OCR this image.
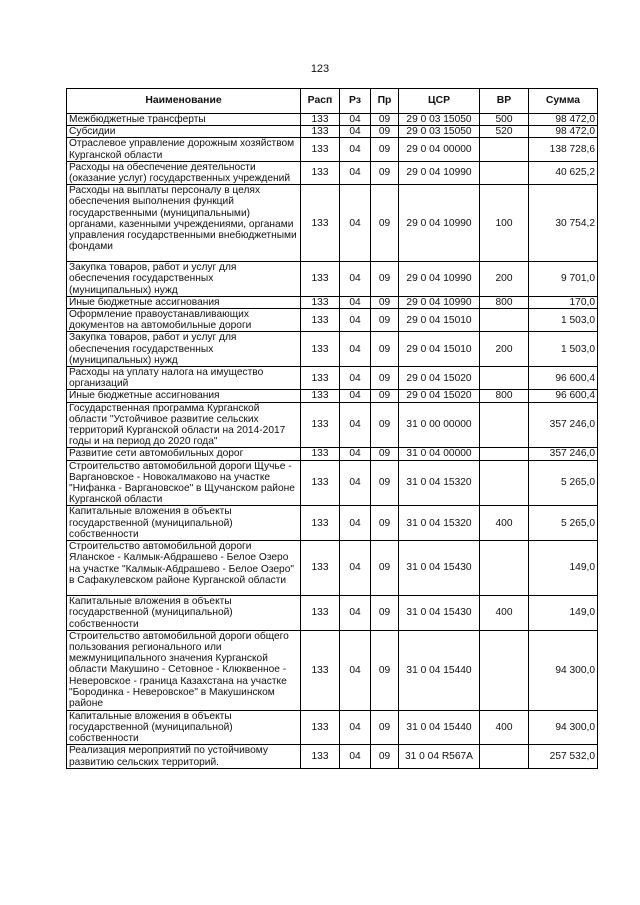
123
Наименование	Расп	Рз	Пр	ЦСР	ВР	Сумма
Межбюджетные трансферты	133	04	09	29 0 03 15050	500	98 472,0
Субсидии	133	04	09	29 0 03 15050	520	98 472,0
Отраслевое управление дорожным хозяйством Курганской области	133	04	09	29 0 04 00000		138 728,6
Расходы на обеспечение деятельности (оказание услуг) государственных учреждений	133	04	09	29 0 04 10990		40 625,2
Расходы на выплаты персоналу в целях обеспечения выполнения функций государственными (муниципальными) органами, казенными учреждениями, органами управления государственными внебюджетными фондами	133	04	09	29 0 04 10990	100	30 754,2
Закупка товаров, работ и услуг для обеспечения государственных (муниципальных) нужд	133	04	09	29 0 04 10990	200	9 701,0
Иные бюджетные ассигнования	133	04	09	29 0 04 10990	800	170,0
Оформление правоустанавливающих документов на автомобильные дороги	133	04	09	29 0 04 15010		1 503,0
Закупка товаров, работ и услуг для обеспечения государственных (муниципальных) нужд	133	04	09	29 0 04 15010	200	1 503,0
Расходы на уплату налога на имущество организаций	133	04	09	29 0 04 15020		96 600,4
Иные бюджетные ассигнования	133	04	09	29 0 04 15020	800	96 600,4
Государственная программа Курганской области "Устойчивое развитие сельских территорий Курганской области на 2014-2017 годы и на период до 2020 года"	133	04	09	31 0 00 00000		357 246,0
Развитие сети автомобильных дорог	133	04	09	31 0 04 00000		357 246,0
Строительство автомобильной дороги Щучье - Варгановское - Новокалмаково на участке "Нифанка - Варгановское" в Щучанском районе Курганской области	133	04	09	31 0 04 15320		5 265,0
Капитальные вложения в объекты государственной (муниципальной) собственности	133	04	09	31 0 04 15320	400	5 265,0
Строительство автомобильной дороги Яланское - Калмык-Абдрашево - Белое Озеро на участке "Калмык-Абдрашево - Белое Озеро" в Сафакулевском районе Курганской области	133	04	09	31 0 04 15430		149,0
Капитальные вложения в объекты государственной (муниципальной) собственности	133	04	09	31 0 04 15430	400	149,0
Строительство автомобильной дороги общего пользования регионального или межмуниципального значения Курганской области Макушино - Сетовное - Клюквенное - Неверовское - граница Казахстана на участке "Бородинка - Неверовское" в Макушинском районе	133	04	09	31 0 04 15440		94 300,0
Капитальные вложения в объекты государственной (муниципальной) собственности	133	04	09	31 0 04 15440	400	94 300,0
Реализация мероприятий по устойчивому развитию сельских территорий.	133	04	09	31 0 04 R567A		257 532,0
